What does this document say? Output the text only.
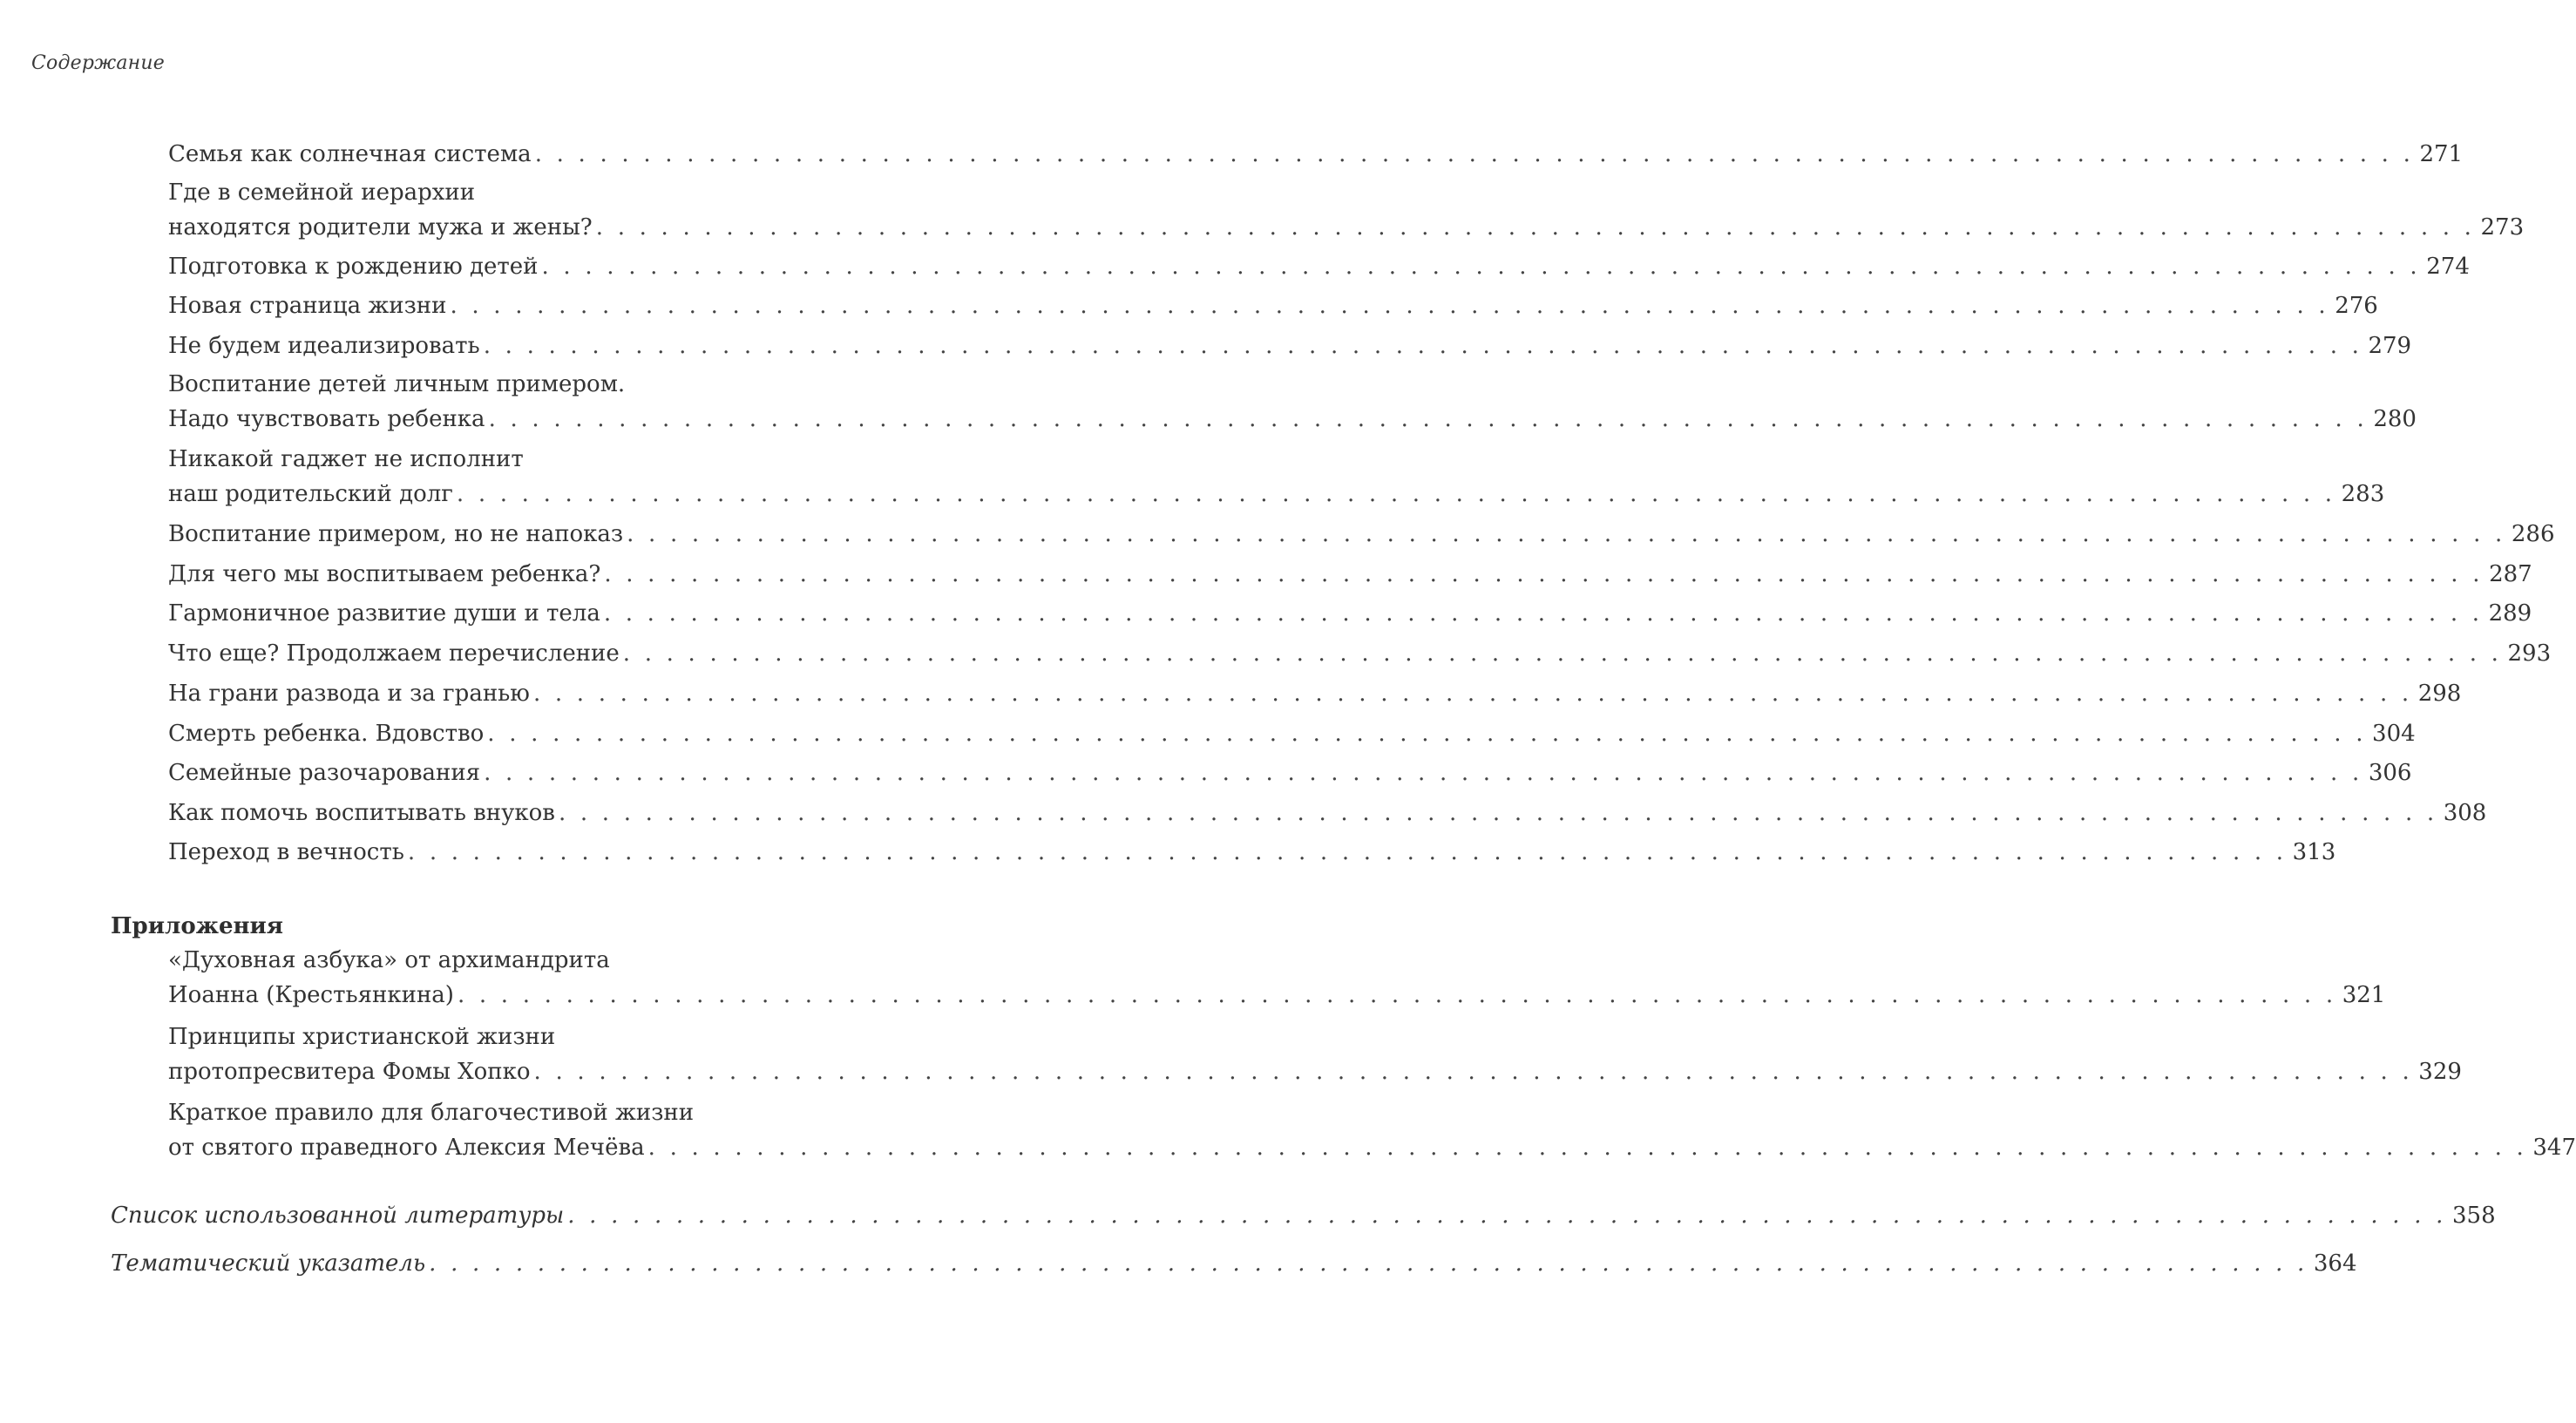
Содержание
Семья как солнечная система . . . . . . . . . . . . . . . . . . . . . . . . . . . . . . . . . . . . . . . . . . . . . . . . . . . . . . . . . . . . . . . . . . . . . . . . . . . . . . . . . . . . . . . 271
Где в семейной иерархии
находятся родители мужа и жены? . . . . . . . . . . . . . . . . . . . . . . . . . . . . . . . . . . . . . . . . . . . . . . . . . . . . . . . . . . . . . . . . . . . . . . . . . . . . . . . . . . . . . . . 273
Подготовка к рождению детей . . . . . . . . . . . . . . . . . . . . . . . . . . . . . . . . . . . . . . . . . . . . . . . . . . . . . . . . . . . . . . . . . . . . . . . . . . . . . . . . . . . . . . . 274
Новая страница жизни . . . . . . . . . . . . . . . . . . . . . . . . . . . . . . . . . . . . . . . . . . . . . . . . . . . . . . . . . . . . . . . . . . . . . . . . . . . . . . . . . . . . . . . 276
Не будем идеализировать . . . . . . . . . . . . . . . . . . . . . . . . . . . . . . . . . . . . . . . . . . . . . . . . . . . . . . . . . . . . . . . . . . . . . . . . . . . . . . . . . . . . . . . 279
Воспитание детей личным примером.
Надо чувствовать ребенка . . . . . . . . . . . . . . . . . . . . . . . . . . . . . . . . . . . . . . . . . . . . . . . . . . . . . . . . . . . . . . . . . . . . . . . . . . . . . . . . . . . . . . . 280
Никакой гаджет не исполнит
наш родительский долг . . . . . . . . . . . . . . . . . . . . . . . . . . . . . . . . . . . . . . . . . . . . . . . . . . . . . . . . . . . . . . . . . . . . . . . . . . . . . . . . . . . . . . . 283
Воспитание примером, но не напоказ . . . . . . . . . . . . . . . . . . . . . . . . . . . . . . . . . . . . . . . . . . . . . . . . . . . . . . . . . . . . . . . . . . . . . . . . . . . . . . . . . . . . . . . 286
Для чего мы воспитываем ребенка? . . . . . . . . . . . . . . . . . . . . . . . . . . . . . . . . . . . . . . . . . . . . . . . . . . . . . . . . . . . . . . . . . . . . . . . . . . . . . . . . . . . . . . . 287
Гармоничное развитие души и тела . . . . . . . . . . . . . . . . . . . . . . . . . . . . . . . . . . . . . . . . . . . . . . . . . . . . . . . . . . . . . . . . . . . . . . . . . . . . . . . . . . . . . . . 289
Что еще? Продолжаем перечисление . . . . . . . . . . . . . . . . . . . . . . . . . . . . . . . . . . . . . . . . . . . . . . . . . . . . . . . . . . . . . . . . . . . . . . . . . . . . . . . . . . . . . . . 293
На грани развода и за гранью . . . . . . . . . . . . . . . . . . . . . . . . . . . . . . . . . . . . . . . . . . . . . . . . . . . . . . . . . . . . . . . . . . . . . . . . . . . . . . . . . . . . . . . 298
Смерть ребенка. Вдовство . . . . . . . . . . . . . . . . . . . . . . . . . . . . . . . . . . . . . . . . . . . . . . . . . . . . . . . . . . . . . . . . . . . . . . . . . . . . . . . . . . . . . . . 304
Семейные разочарования . . . . . . . . . . . . . . . . . . . . . . . . . . . . . . . . . . . . . . . . . . . . . . . . . . . . . . . . . . . . . . . . . . . . . . . . . . . . . . . . . . . . . . . 306
Как помочь воспитывать внуков . . . . . . . . . . . . . . . . . . . . . . . . . . . . . . . . . . . . . . . . . . . . . . . . . . . . . . . . . . . . . . . . . . . . . . . . . . . . . . . . . . . . . . . 308
Переход в вечность . . . . . . . . . . . . . . . . . . . . . . . . . . . . . . . . . . . . . . . . . . . . . . . . . . . . . . . . . . . . . . . . . . . . . . . . . . . . . . . . . . . . . . . 313
Приложения
«Духовная азбука» от архимандрита
Иоанна (Крестьянкина) . . . . . . . . . . . . . . . . . . . . . . . . . . . . . . . . . . . . . . . . . . . . . . . . . . . . . . . . . . . . . . . . . . . . . . . . . . . . . . . . . . . . . . . 321
Принципы христианской жизни
протопресвитера Фомы Хопко . . . . . . . . . . . . . . . . . . . . . . . . . . . . . . . . . . . . . . . . . . . . . . . . . . . . . . . . . . . . . . . . . . . . . . . . . . . . . . . . . . . . . . . 329
Краткое правило для благочестивой жизни
от святого праведного Алексия Мечёва . . . . . . . . . . . . . . . . . . . . . . . . . . . . . . . . . . . . . . . . . . . . . . . . . . . . . . . . . . . . . . . . . . . . . . . . . . . . . . . . . . . . . . . 347
Список использованной литературы . . . . . . . . . . . . . . . . . . . . . . . . . . . . . . . . . . . . . . . . . . . . . . . . . . . . . . . . . . . . . . . . . . . . . . . . . . . . . . . . . . . . . . . 358
Тематический указатель . . . . . . . . . . . . . . . . . . . . . . . . . . . . . . . . . . . . . . . . . . . . . . . . . . . . . . . . . . . . . . . . . . . . . . . . . . . . . . . . . . . . . . . 364
